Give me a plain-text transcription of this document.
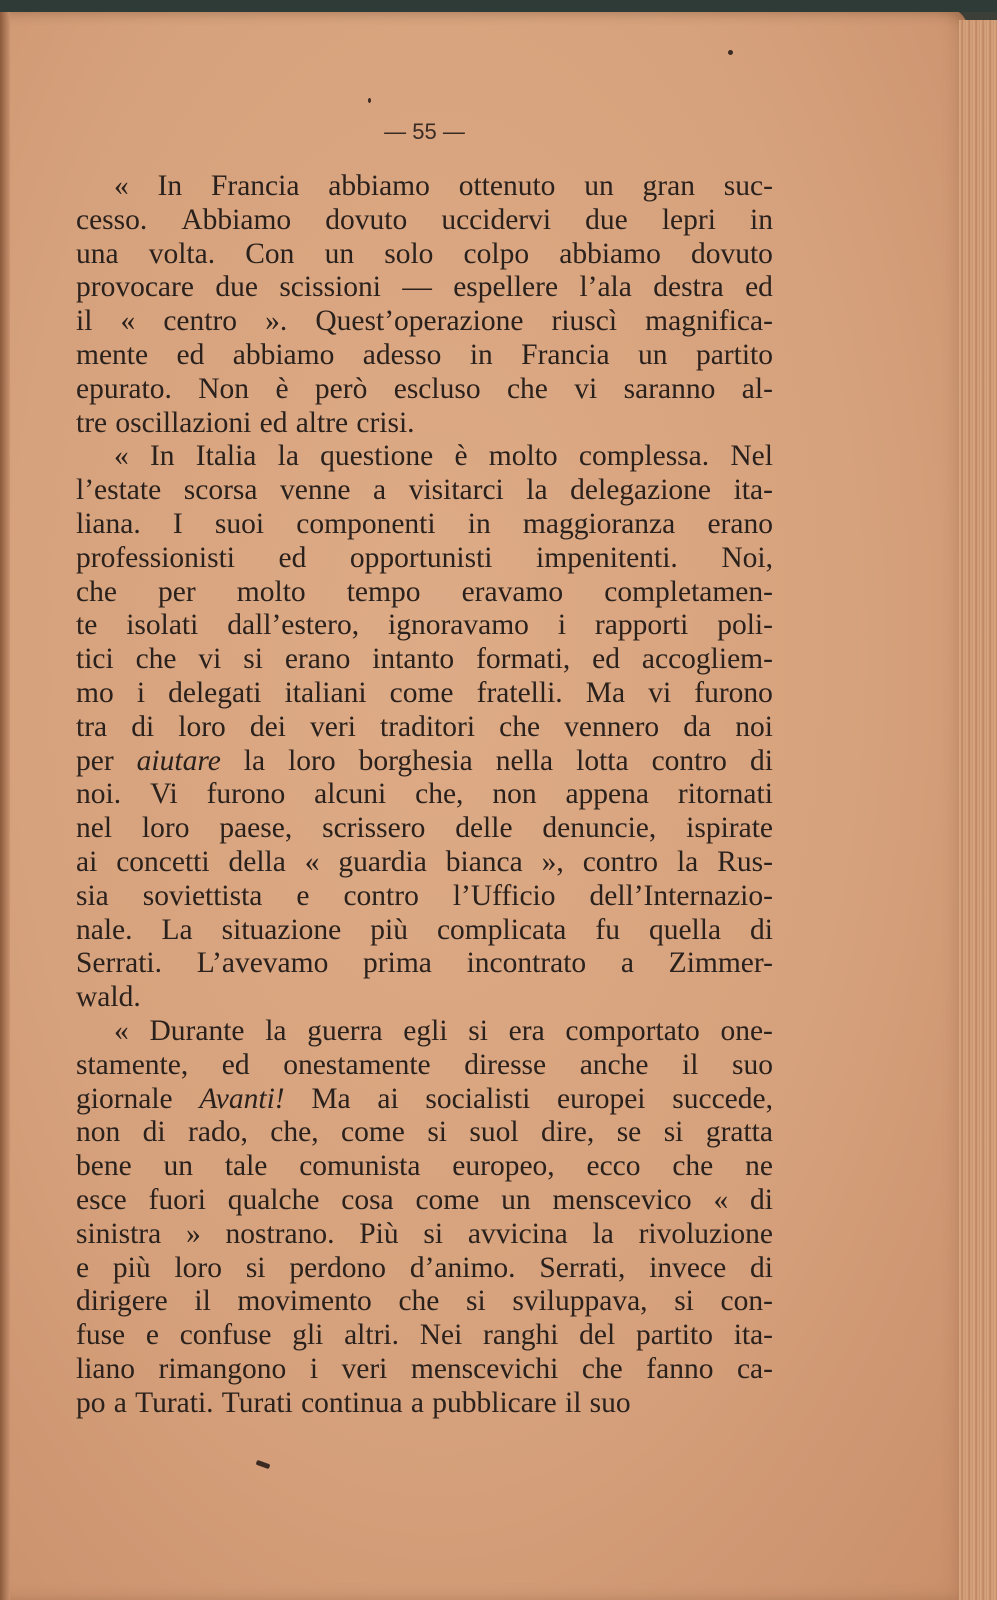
— 55 —
« In Francia abbiamo ottenuto un gran suc-
cesso. Abbiamo dovuto uccidervi due lepri in
una volta. Con un solo colpo abbiamo dovuto
provocare due scissioni — espellere l’ala destra ed
il « centro ». Quest’operazione riuscì magnifica-
mente ed abbiamo adesso in Francia un partito
epurato. Non è però escluso che vi saranno al-
tre oscillazioni ed altre crisi.
« In Italia la questione è molto complessa. Nel
l’estate scorsa venne a visitarci la delegazione ita-
liana. I suoi componenti in maggioranza erano
professionisti ed opportunisti impenitenti. Noi,
che per molto tempo eravamo completamen-
te isolati dall’estero, ignoravamo i rapporti poli-
tici che vi si erano intanto formati, ed accogliem-
mo i delegati italiani come fratelli. Ma vi furono
tra di loro dei veri traditori che vennero da noi
per aiutare la loro borghesia nella lotta contro di
noi. Vi furono alcuni che, non appena ritornati
nel loro paese, scrissero delle denuncie, ispirate
ai concetti della « guardia bianca », contro la Rus-
sia soviettista e contro l’Ufficio dell’Internazio-
nale. La situazione più complicata fu quella di
Serrati. L’avevamo prima incontrato a Zimmer-
wald.
« Durante la guerra egli si era comportato one-
stamente, ed onestamente diresse anche il suo
giornale Avanti! Ma ai socialisti europei succede,
non di rado, che, come si suol dire, se si gratta
bene un tale comunista europeo, ecco che ne
esce fuori qualche cosa come un menscevico « di
sinistra » nostrano. Più si avvicina la rivoluzione
e più loro si perdono d’animo. Serrati, invece di
dirigere il movimento che si sviluppava, si con-
fuse e confuse gli altri. Nei ranghi del partito ita-
liano rimangono i veri menscevichi che fanno ca-
po a Turati. Turati continua a pubblicare il suo
